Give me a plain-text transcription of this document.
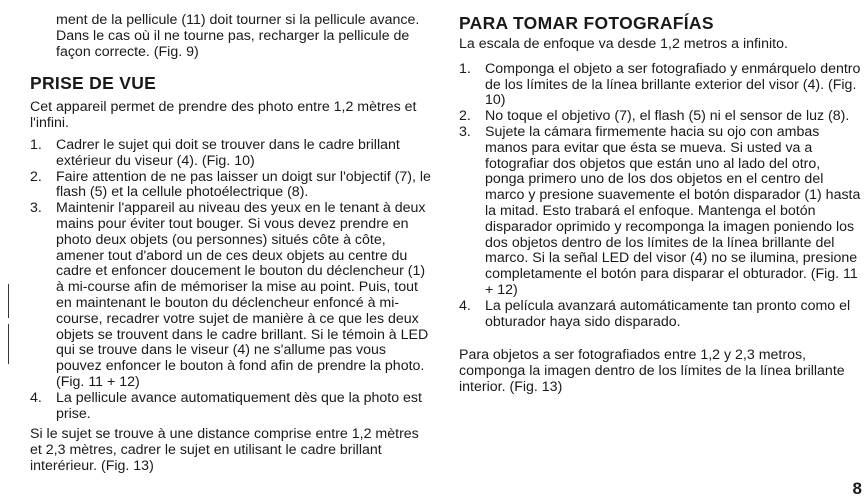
ment de la pellicule (11) doit tourner si la pellicule avance. Dans le cas où il ne tourne pas, recharger la pellicule de façon correcte. (Fig. 9)

PRISE DE VUE

Cet appareil permet de prendre des photo entre 1,2 mètres et l'infini.

1. Cadrer le sujet qui doit se trouver dans le cadre brillant extérieur du viseur (4). (Fig. 10)
2. Faire attention de ne pas laisser un doigt sur l'objectif (7), le flash (5) et la cellule photoélectrique (8).
3. Maintenir l'appareil au niveau des yeux en le tenant à deux mains pour éviter tout bouger. Si vous devez prendre en photo deux objets (ou personnes) situés côte à côte, amener tout d'abord un de ces deux objets au centre du cadre et enfoncer doucement le bouton du déclencheur (1) à mi-course afin de mémoriser la mise au point. Puis, tout en maintenant le bouton du déclencheur enfoncé à mi-course, recadrer votre sujet de manière à ce que les deux objets se trouvent dans le cadre brillant. Si le témoin à LED qui se trouve dans le viseur (4) ne s'allume pas vous pouvez enfoncer le bouton à fond afin de prendre la photo. (Fig. 11 + 12)
4. La pellicule avance automatiquement dès que la photo est prise.

Si le sujet se trouve à une distance comprise entre 1,2 mètres et 2,3 mètres, cadrer le sujet en utilisant le cadre brillant interérieur. (Fig. 13)

PARA TOMAR FOTOGRAFÍAS

La escala de enfoque va desde 1,2 metros a infinito.

1. Componga el objeto a ser fotografiado y enmárquelo dentro de los límites de la línea brillante exterior del visor (4). (Fig. 10)
2. No toque el objetivo (7), el flash (5) ni el sensor de luz (8).
3. Sujete la cámara firmemente hacia su ojo con ambas manos para evitar que ésta se mueva. Si usted va a fotografiar dos objetos que están uno al lado del otro, ponga primero uno de los dos objetos en el centro del marco y presione suavemente el botón disparador (1) hasta la mitad. Esto trabará el enfoque. Mantenga el botón disparador oprimido y recomponga la imagen poniendo los dos objetos dentro de los límites de la línea brillante del marco. Si la señal LED del visor (4) no se ilumina, presione completamente el botón para disparar el obturador. (Fig. 11 + 12)
4. La película avanzará automáticamente tan pronto como el obturador haya sido disparado.

Para objetos a ser fotografiados entre 1,2 y 2,3 metros, componga la imagen dentro de los límites de la línea brillante interior. (Fig. 13)

8
